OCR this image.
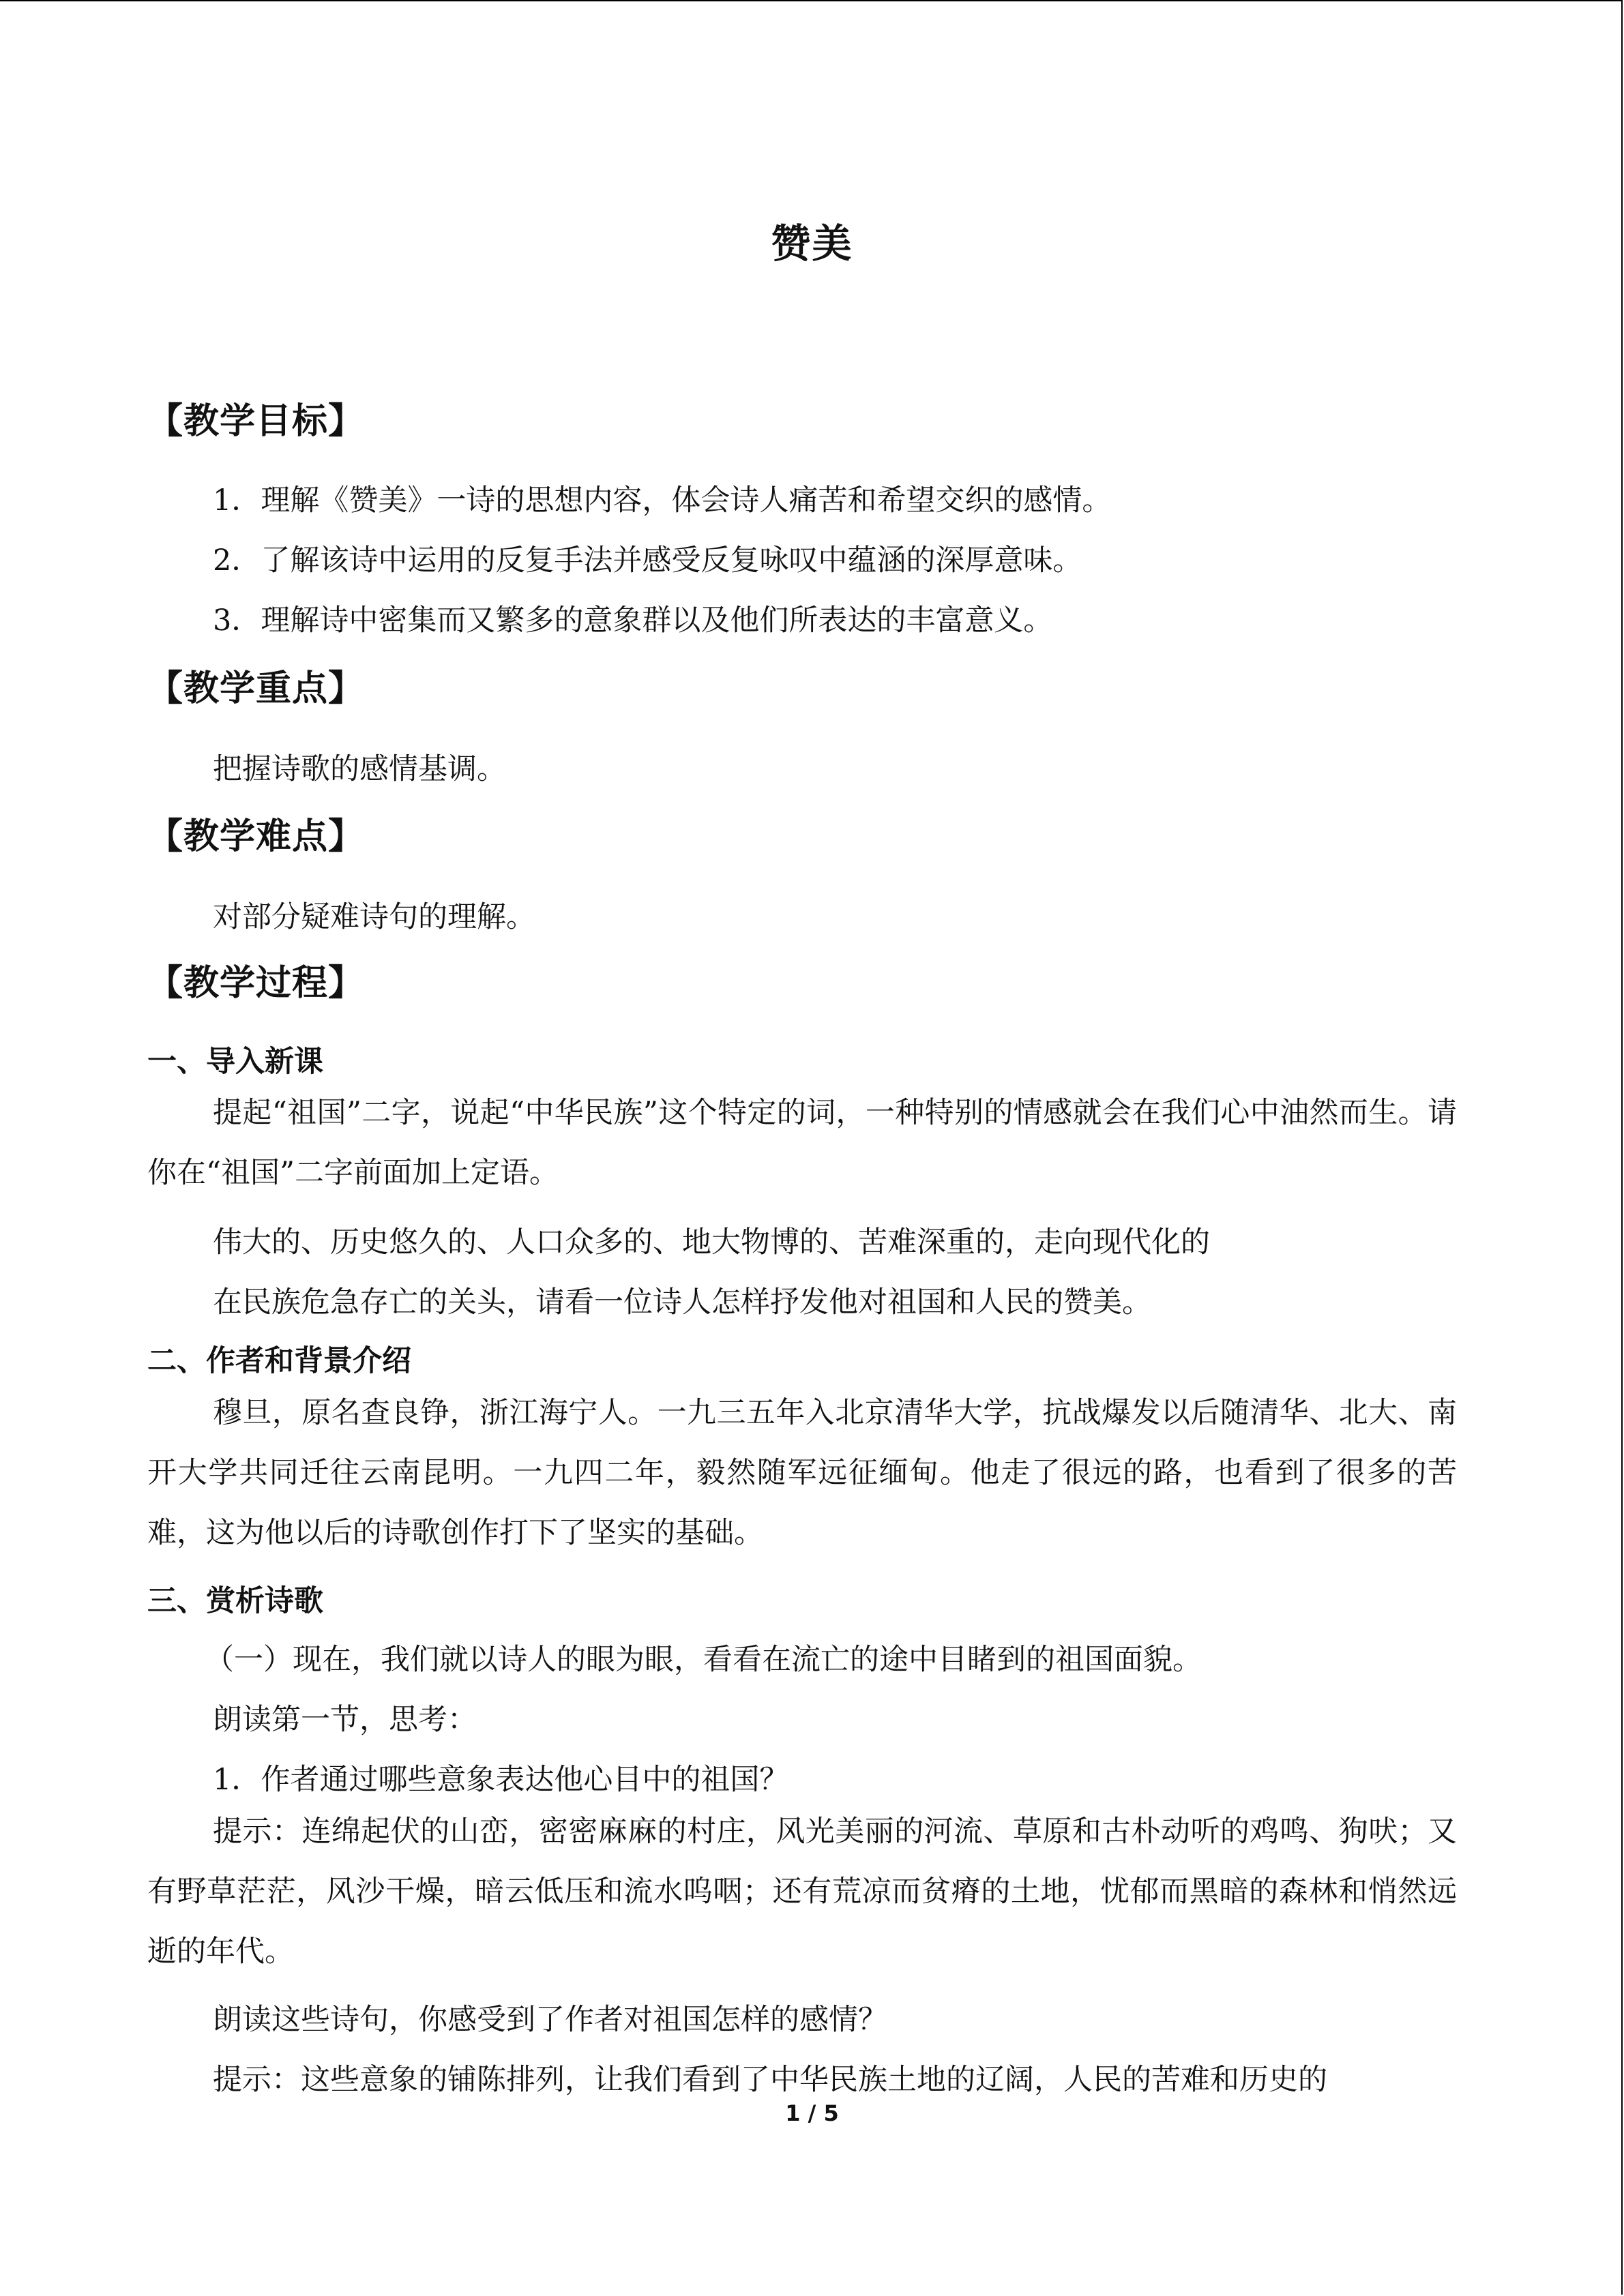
赞美
【教学目标】
1．理解《赞美》一诗的思想内容，体会诗人痛苦和希望交织的感情。
2．了解该诗中运用的反复手法并感受反复咏叹中蕴涵的深厚意味。
3．理解诗中密集而又繁多的意象群以及他们所表达的丰富意义。
【教学重点】
把握诗歌的感情基调。
【教学难点】
对部分疑难诗句的理解。
【教学过程】
一、导入新课

提起“祖国”二字，说起“中华民族”这个特定的词，一种特别的情感就会在我们心中油然而生。请你在“祖国”二字前面加上定语。

伟大的、历史悠久的、人口众多的、地大物博的、苦难深重的，走向现代化的
在民族危急存亡的关头，请看一位诗人怎样抒发他对祖国和人民的赞美。
二、作者和背景介绍

穆旦，原名查良铮，浙江海宁人。一九三五年入北京清华大学，抗战爆发以后随清华、北大、南开大学共同迁往云南昆明。一九四二年，毅然随军远征缅甸。他走了很远的路，也看到了很多的苦难，这为他以后的诗歌创作打下了坚实的基础。

三、赏析诗歌
（一）现在，我们就以诗人的眼为眼，看看在流亡的途中目睹到的祖国面貌。
朗读第一节，思考：
1．作者通过哪些意象表达他心目中的祖国？

提示：连绵起伏的山峦，密密麻麻的村庄，风光美丽的河流、草原和古朴动听的鸡鸣、狗吠；又有野草茫茫，风沙干燥，暗云低压和流水呜咽；还有荒凉而贫瘠的土地，忧郁而黑暗的森林和悄然远逝的年代。

朗读这些诗句，你感受到了作者对祖国怎样的感情？
提示：这些意象的铺陈排列，让我们看到了中华民族土地的辽阔，人民的苦难和历史的
1 / 5
